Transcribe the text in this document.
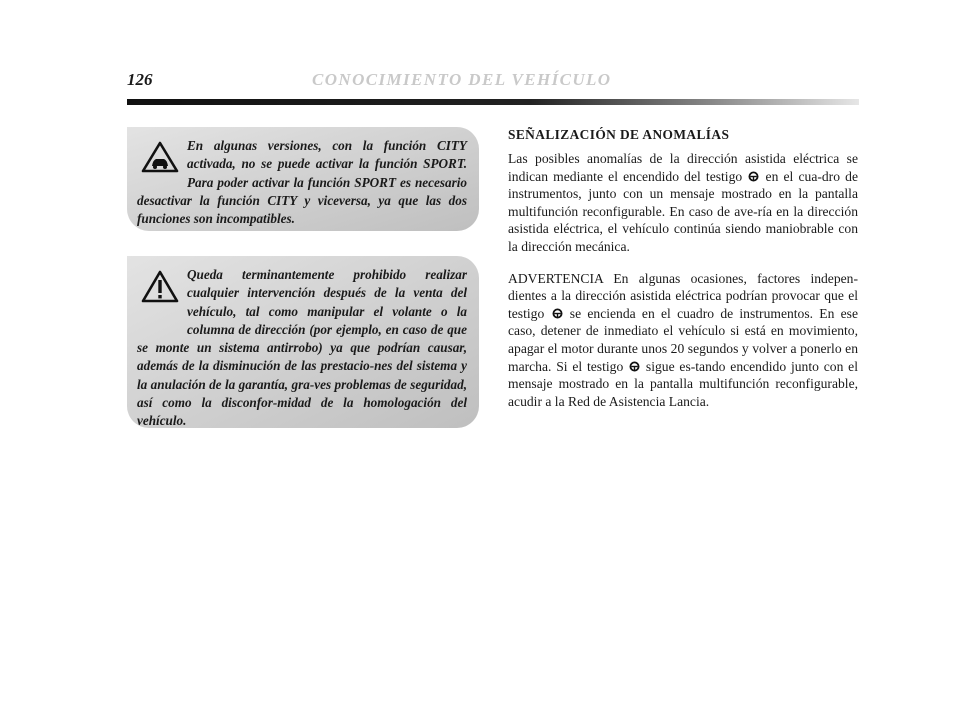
126	CONOCIMIENTO DEL VEHÍCULO

En algunas versiones, con la función CITY activada, no se puede activar la función SPORT. Para poder activar la función SPORT es necesario desactivar la función CITY y viceversa, ya que las dos funciones son incompatibles.

Queda terminantemente prohibido realizar cualquier intervención después de la venta del vehículo, tal como manipular el volante o la columna de dirección (por ejemplo, en caso de que se monte un sistema antirrobo) ya que podrían causar, además de la disminución de las prestacio-nes del sistema y la anulación de la garantía, gra-ves problemas de seguridad, así como la disconfor-midad de la homologación del vehículo.

SEÑALIZACIÓN DE ANOMALÍAS

Las posibles anomalías de la dirección asistida eléctrica se indican mediante el encendido del testigo en el cua-dro de instrumentos, junto con un mensaje mostrado en la pantalla multifunción reconfigurable. En caso de ave-ría en la dirección asistida eléctrica, el vehículo continúa siendo maniobrable con la dirección mecánica.

ADVERTENCIA En algunas ocasiones, factores indepen-dientes a la dirección asistida eléctrica podrían provocar que el testigo se encienda en el cuadro de instrumentos. En ese caso, detener de inmediato el vehículo si está en movimiento, apagar el motor durante unos 20 segundos y volver a ponerlo en marcha. Si el testigo sigue es-tando encendido junto con el mensaje mostrado en la pantalla multifunción reconfigurable, acudir a la Red de Asistencia Lancia.
